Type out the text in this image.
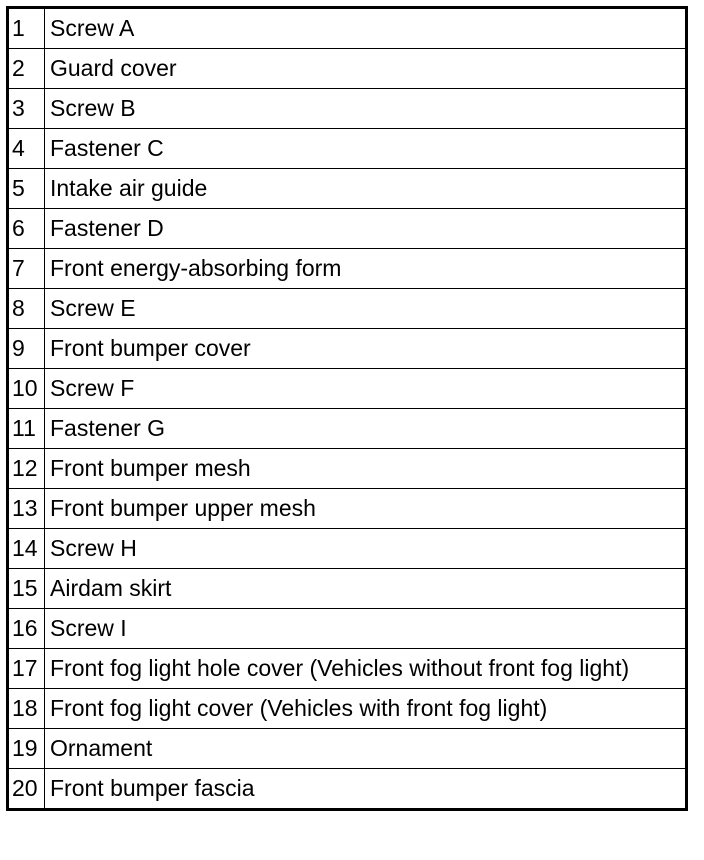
1	Screw A
2	Guard cover
3	Screw B
4	Fastener C
5	Intake air guide
6	Fastener D
7	Front energy-absorbing form
8	Screw E
9	Front bumper cover
10	Screw F
11	Fastener G
12	Front bumper mesh
13	Front bumper upper mesh
14	Screw H
15	Airdam skirt
16	Screw I
17	Front fog light hole cover (Vehicles without front fog light)
18	Front fog light cover (Vehicles with front fog light)
19	Ornament
20	Front bumper fascia
